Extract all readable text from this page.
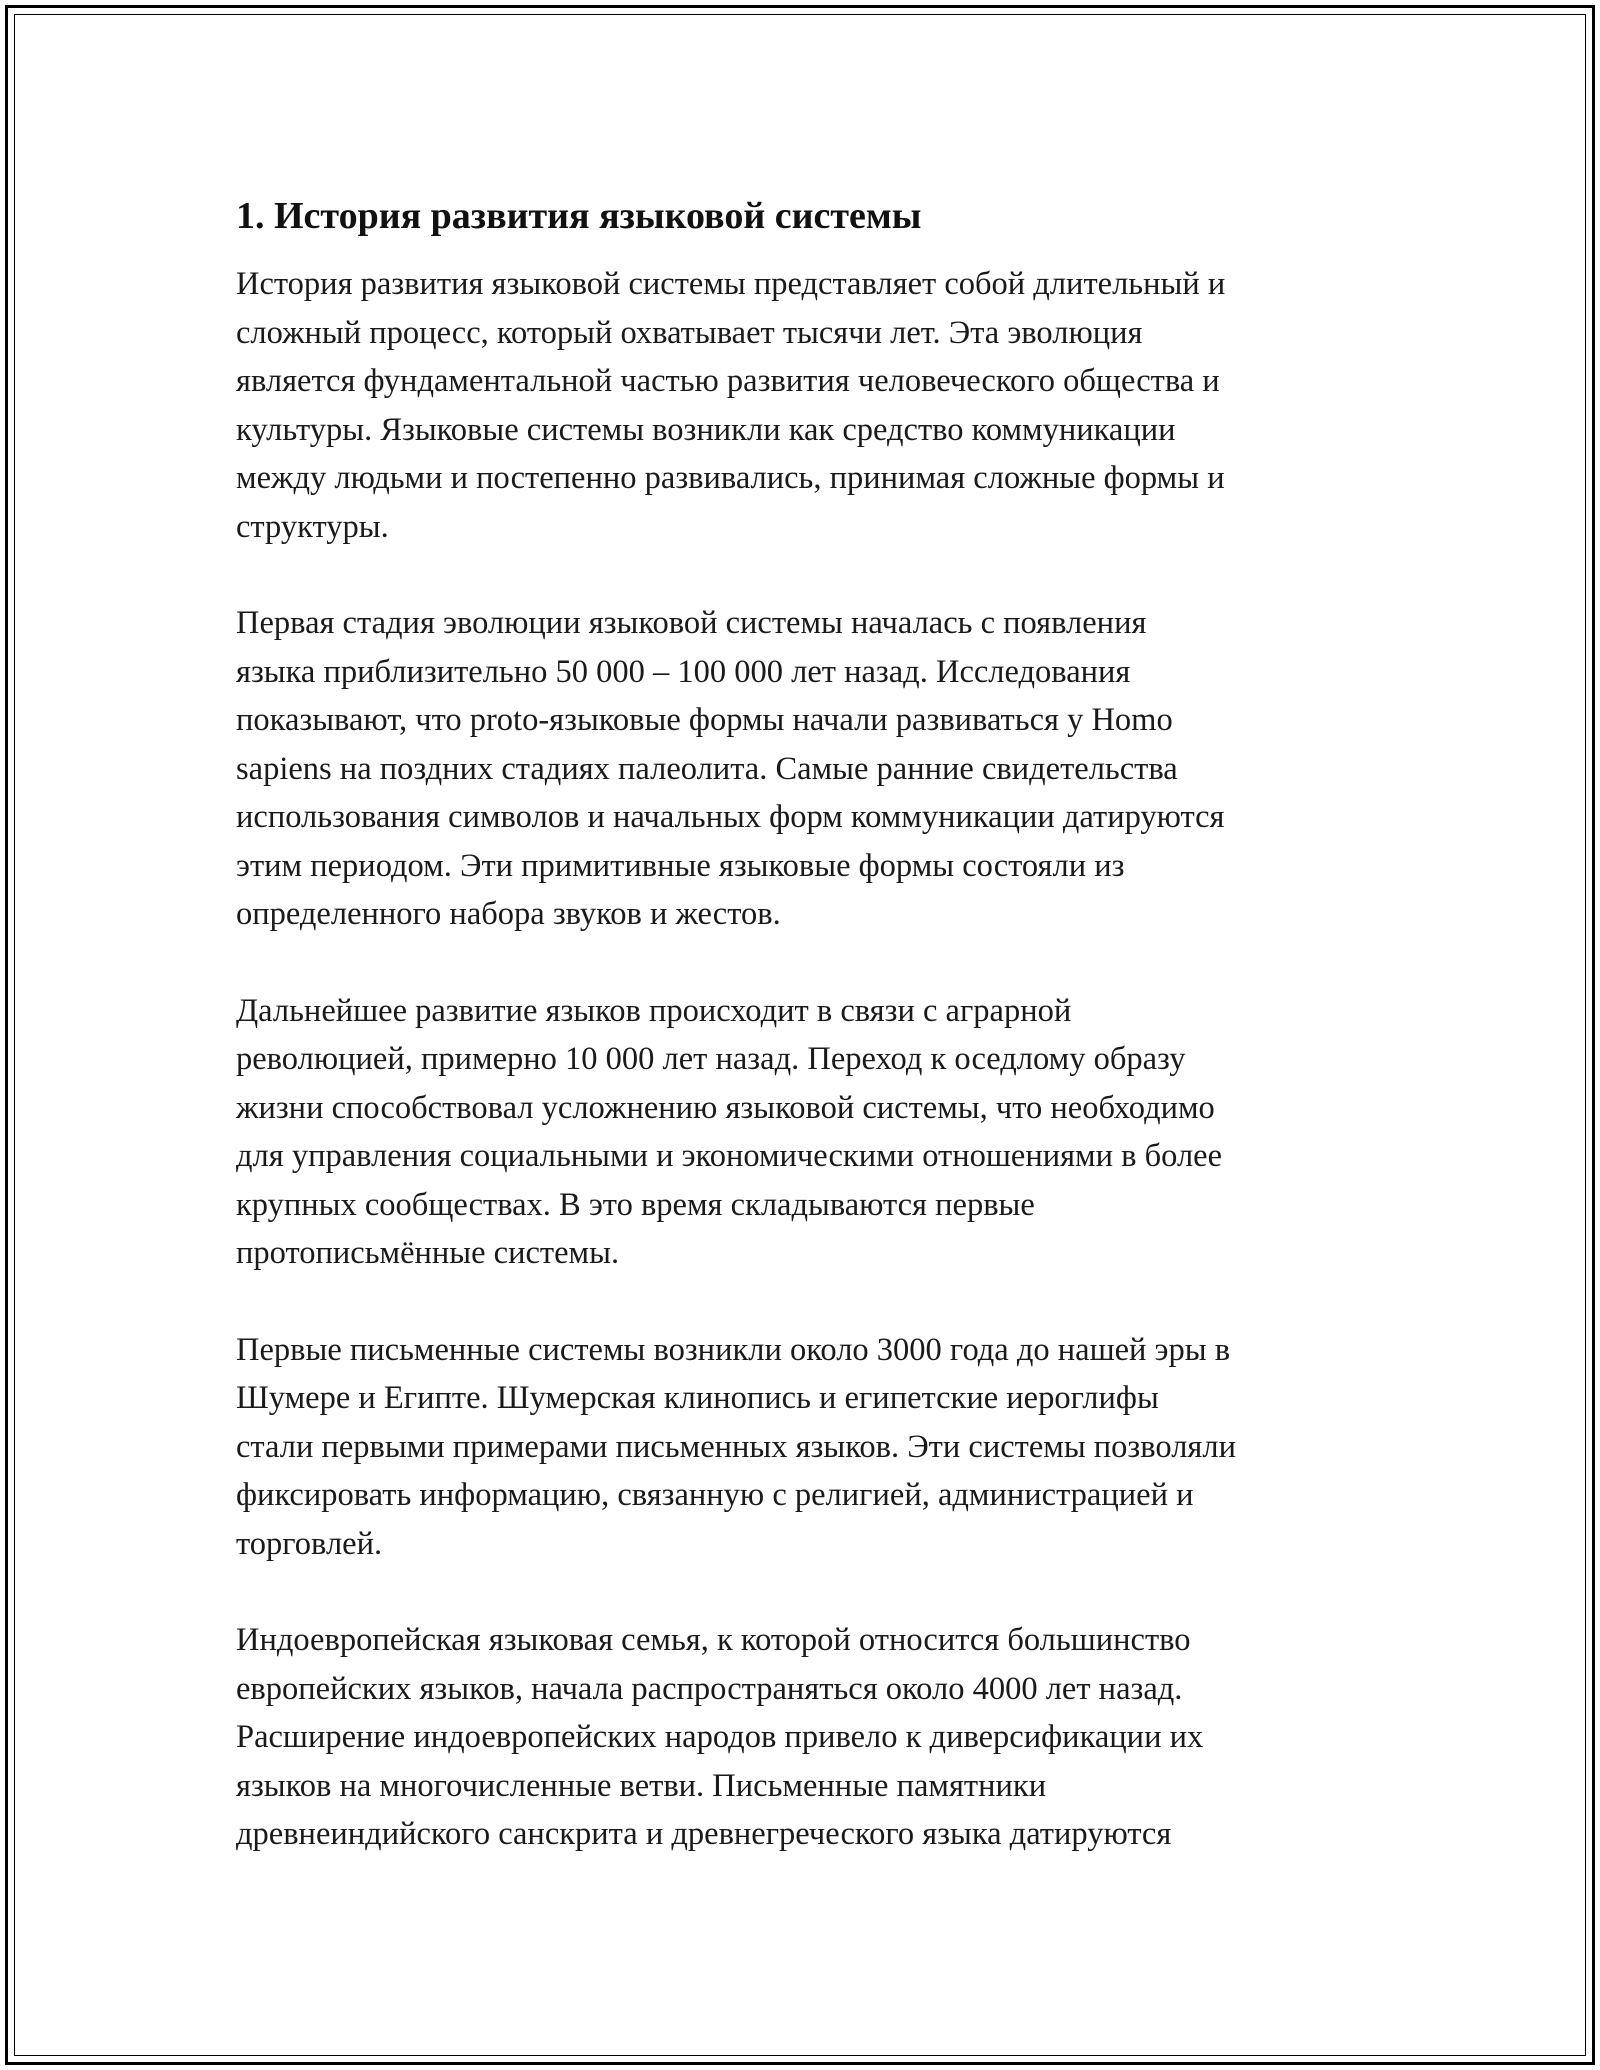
1. История развития языковой системы

История развития языковой системы представляет собой длительный и
сложный процесс, который охватывает тысячи лет. Эта эволюция
является фундаментальной частью развития человеческого общества и
культуры. Языковые системы возникли как средство коммуникации
между людьми и постепенно развивались, принимая сложные формы и
структуры.

Первая стадия эволюции языковой системы началась с появления
языка приблизительно 50 000 – 100 000 лет назад. Исследования
показывают, что proto-языковые формы начали развиваться у Homo
sapiens на поздних стадиях палеолита. Самые ранние свидетельства
использования символов и начальных форм коммуникации датируются
этим периодом. Эти примитивные языковые формы состояли из
определенного набора звуков и жестов.

Дальнейшее развитие языков происходит в связи с аграрной
революцией, примерно 10 000 лет назад. Переход к оседлому образу
жизни способствовал усложнению языковой системы, что необходимо
для управления социальными и экономическими отношениями в более
крупных сообществах. В это время складываются первые
протописьмённые системы.

Первые письменные системы возникли около 3000 года до нашей эры в
Шумере и Египте. Шумерская клинопись и египетские иероглифы
стали первыми примерами письменных языков. Эти системы позволяли
фиксировать информацию, связанную с религией, администрацией и
торговлей.

Индоевропейская языковая семья, к которой относится большинство
европейских языков, начала распространяться около 4000 лет назад.
Расширение индоевропейских народов привело к диверсификации их
языков на многочисленные ветви. Письменные памятники
древнеиндийского санскрита и древнегреческого языка датируются
